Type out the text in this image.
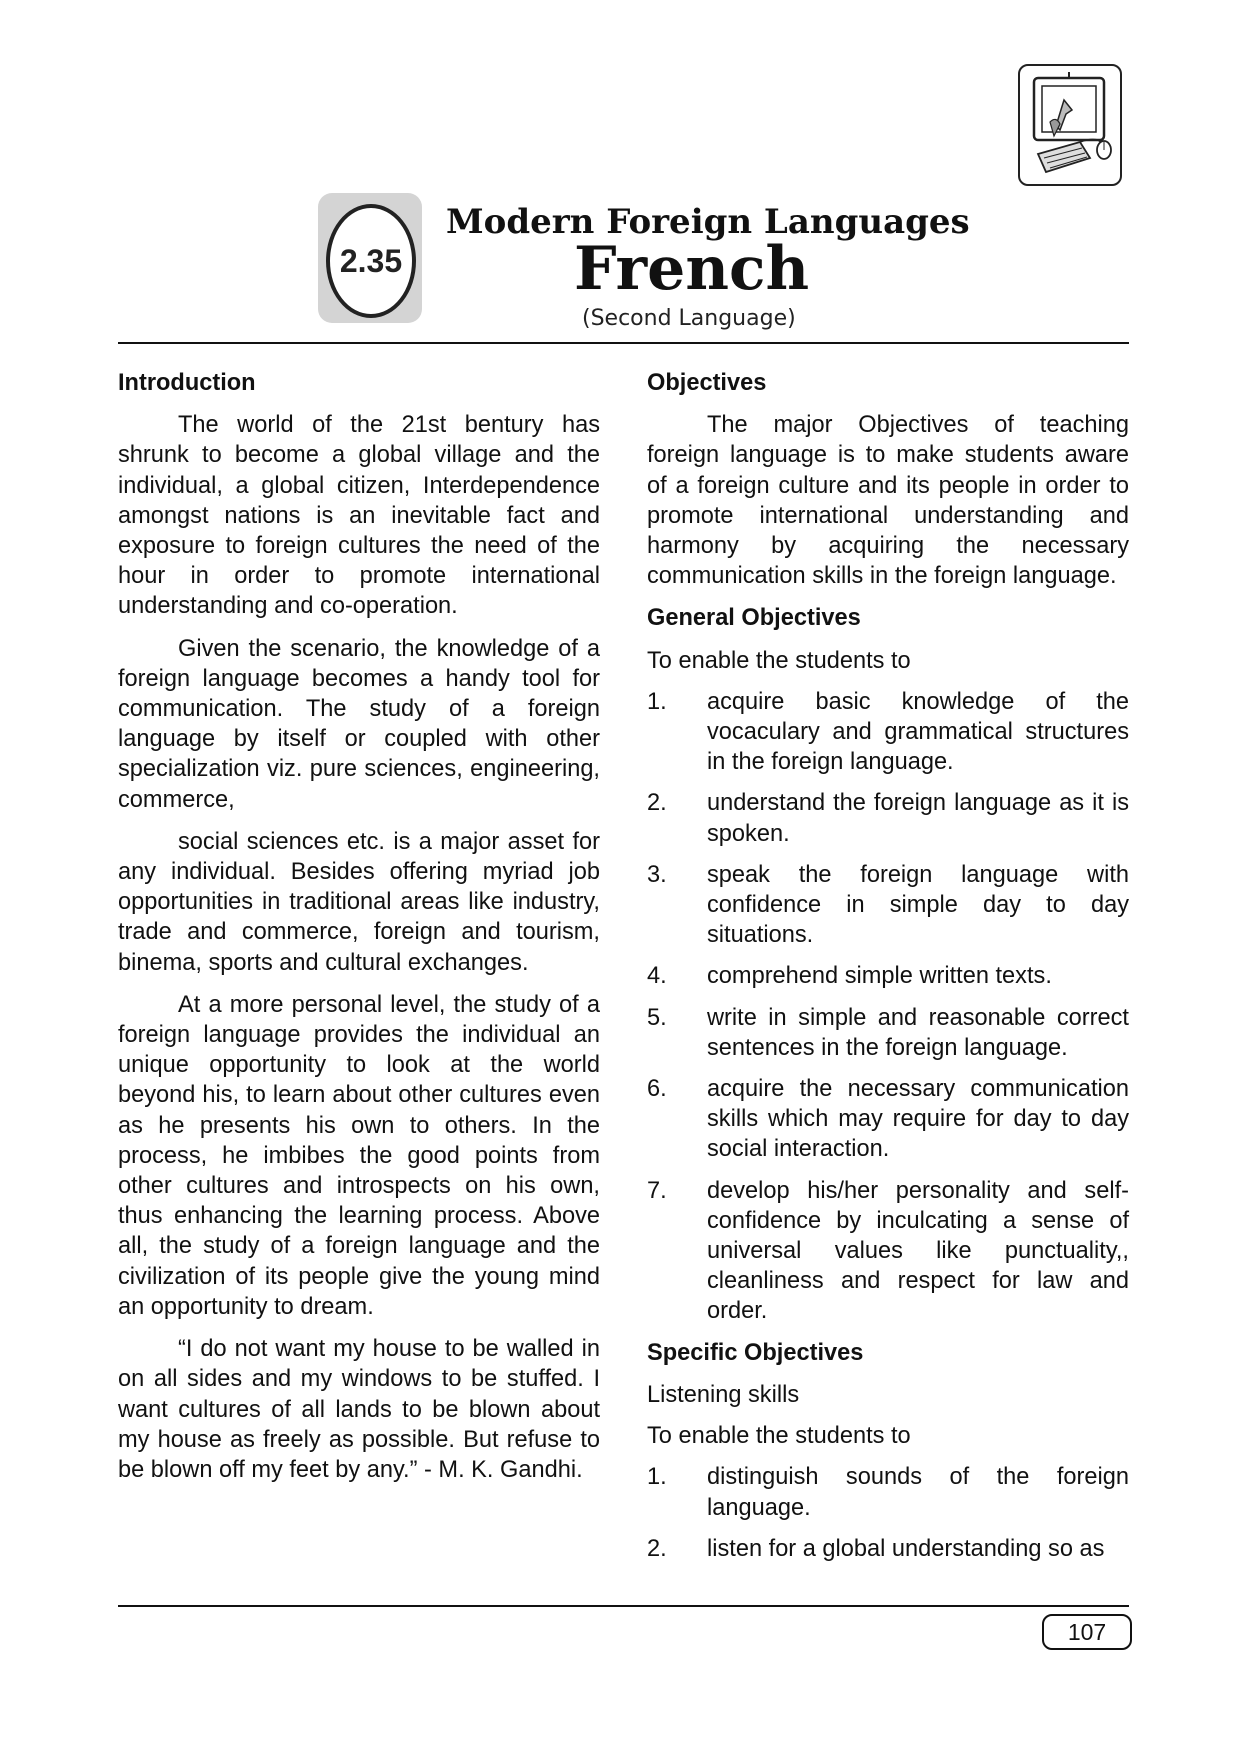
2.35
Modern Foreign Languages
French
(Second Language)
Introduction

The world of the 21st bentury has shrunk to become a global village and the individual, a global citizen, Interdependence amongst nations is an inevitable fact and exposure to foreign cultures the need of the hour in order to promote international understanding and co-operation.

Given the scenario, the knowledge of a foreign language becomes a handy tool for communication. The study of a foreign language by itself or coupled with other specialization viz. pure sciences, engineering, commerce,

social sciences etc. is a major asset for any individual. Besides offering myriad job opportunities in traditional areas like industry, trade and commerce, foreign and tourism, binema, sports and cultural exchanges.

At a more personal level, the study of a foreign language provides the individual an unique opportunity to look at the world beyond his, to learn about other cultures even as he presents his own to others. In the process, he imbibes the good points from other cultures and introspects on his own, thus enhancing the learning process. Above all, the study of a foreign language and the civilization of its people give the young mind an opportunity to dream.

“I do not want my house to be walled in on all sides and my windows to be stuffed. I want cultures of all lands to be blown about my house as freely as possible. But refuse to be blown off my feet by any.” - M. K. Gandhi.

Objectives

The major Objectives of teaching foreign language is to make students aware of a foreign culture and its people in order to promote international understanding and harmony by acquiring the necessary communication skills in the foreign language.

General Objectives
To enable the students to
1. acquire basic knowledge of the vocaculary and grammatical structures in the foreign language.
2. understand the foreign language as it is spoken.
3. speak the foreign language with confidence in simple day to day situations.
4. comprehend simple written texts.
5. write in simple and reasonable correct sentences in the foreign language.
6. acquire the necessary communication skills which may require for day to day social interaction.
7. develop his/her personality and self-confidence by inculcating a sense of universal values like punctuality,, cleanliness and respect for law and order.
Specific Objectives
Listening skills
To enable the students to
1. distinguish sounds of the foreign language.
2. listen for a global understanding so as
107
